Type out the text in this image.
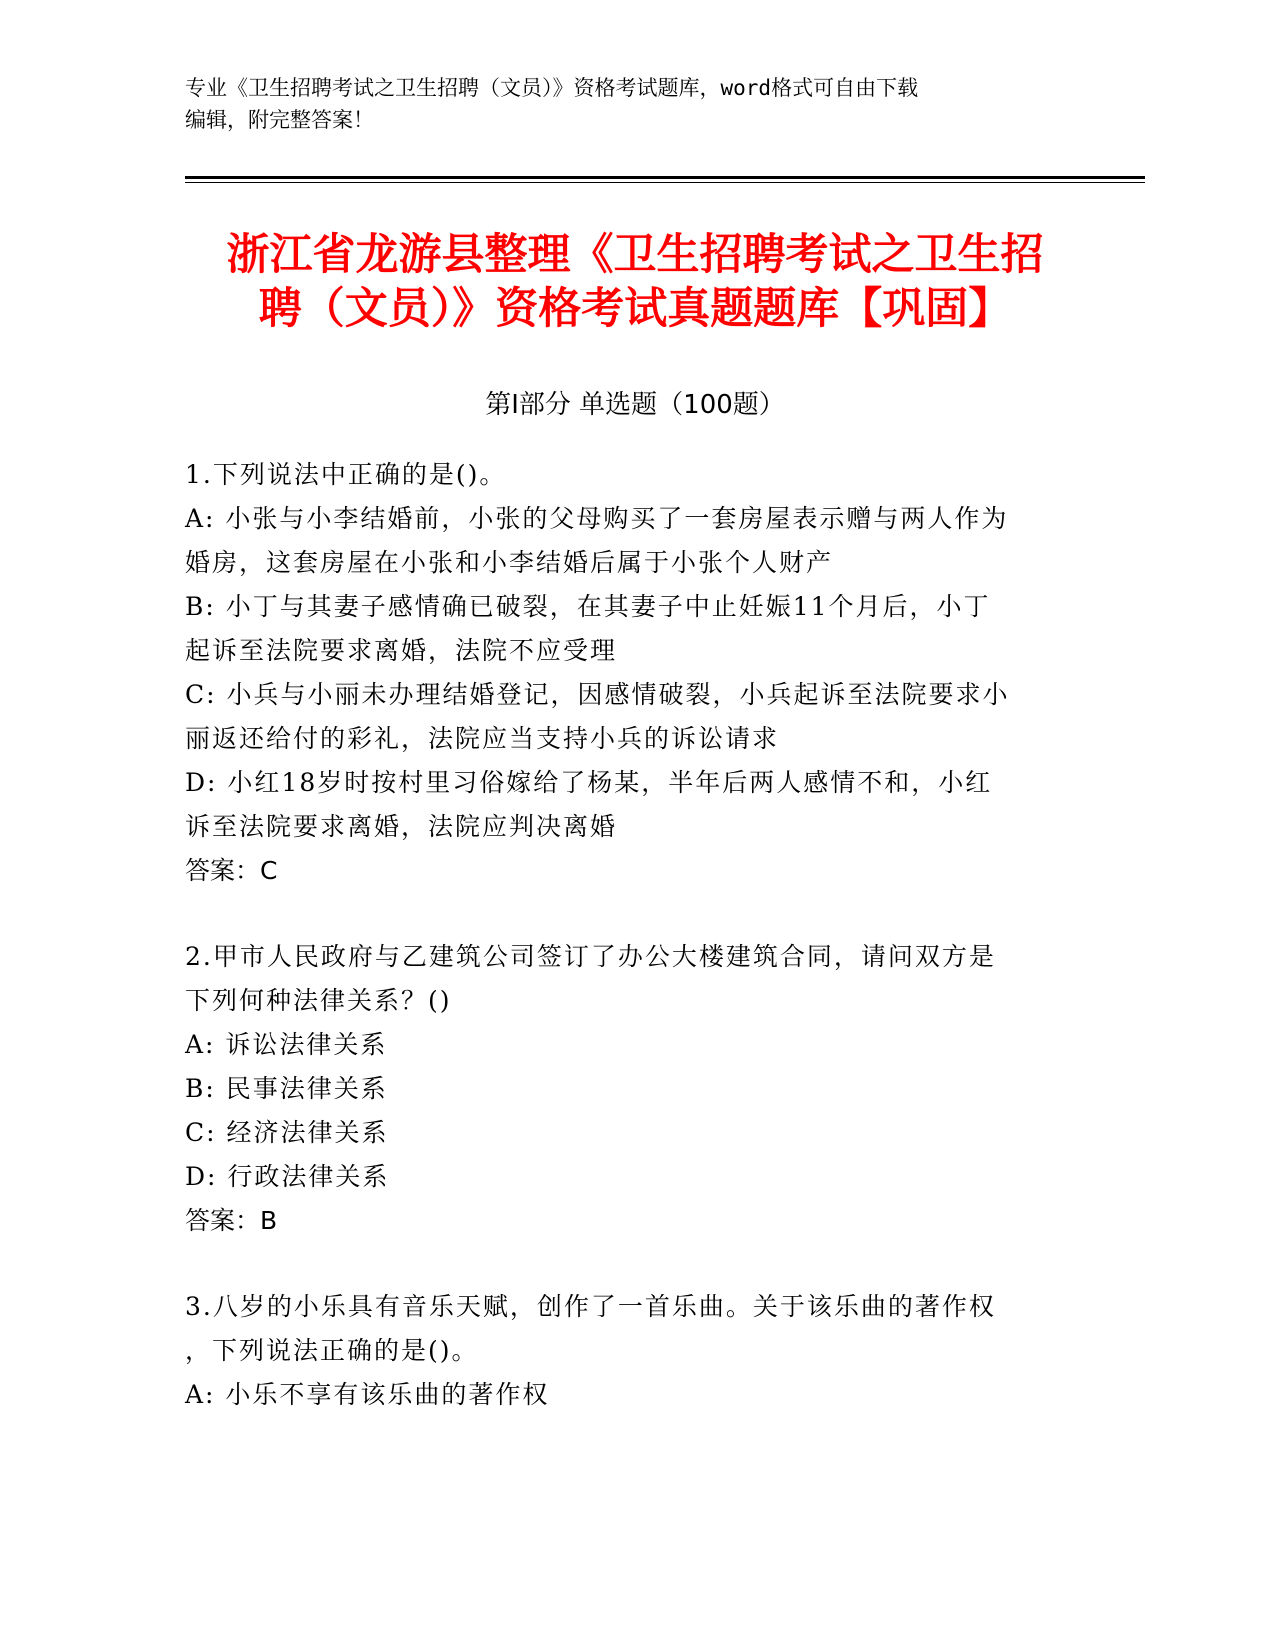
专业《卫生招聘考试之卫生招聘（文员）》资格考试题库，word格式可自由下载
编辑，附完整答案！
浙江省龙游县整理《卫生招聘考试之卫生招
聘（文员）》资格考试真题题库【巩固】
第Ⅰ部分 单选题（100题）
1.下列说法中正确的是()。
A: 小张与小李结婚前，小张的父母购买了一套房屋表示赠与两人作为
婚房，这套房屋在小张和小李结婚后属于小张个人财产
B: 小丁与其妻子感情确已破裂，在其妻子中止妊娠11个月后，小丁
起诉至法院要求离婚，法院不应受理
C: 小兵与小丽未办理结婚登记，因感情破裂，小兵起诉至法院要求小
丽返还给付的彩礼，法院应当支持小兵的诉讼请求
D: 小红18岁时按村里习俗嫁给了杨某，半年后两人感情不和，小红
诉至法院要求离婚，法院应判决离婚
答案：C
2.甲市人民政府与乙建筑公司签订了办公大楼建筑合同，请问双方是
下列何种法律关系？()
A: 诉讼法律关系
B: 民事法律关系
C: 经济法律关系
D: 行政法律关系
答案：B
3.八岁的小乐具有音乐天赋，创作了一首乐曲。关于该乐曲的著作权
，下列说法正确的是()。
A: 小乐不享有该乐曲的著作权
